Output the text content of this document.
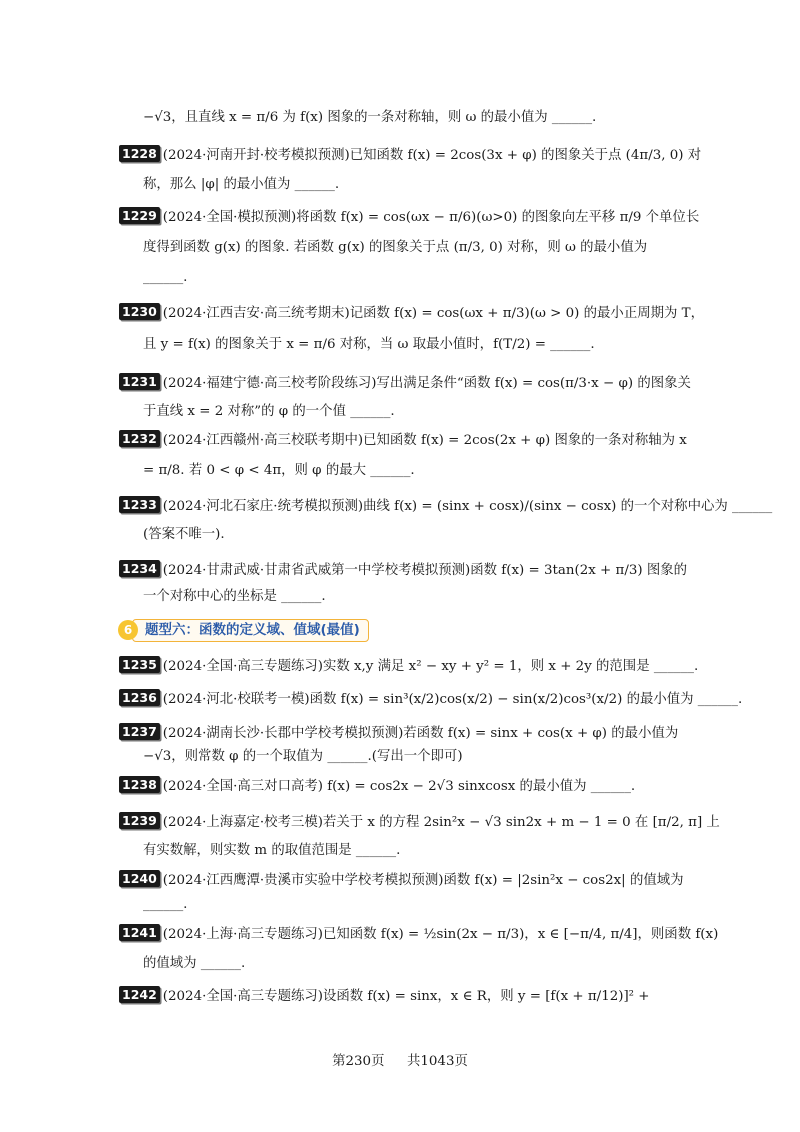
−√3，且直线 x = π/6 为 f(x) 图象的一条对称轴，则 ω 的最小值为 ______.
1228 (2024·河南开封·校考模拟预测)已知函数 f(x) = 2cos(3x + φ) 的图象关于点 (4π/3, 0) 对
称，那么 |φ| 的最小值为 ______.
1229 (2024·全国·模拟预测)将函数 f(x) = cos(ωx − π/6)(ω>0) 的图象向左平移 π/9 个单位长
度得到函数 g(x) 的图象. 若函数 g(x) 的图象关于点 (π/3, 0) 对称，则 ω 的最小值为
______.
1230 (2024·江西吉安·高三统考期末)记函数 f(x) = cos(ωx + π/3)(ω > 0) 的最小正周期为 T，
且 y = f(x) 的图象关于 x = π/6 对称，当 ω 取最小值时，f(T/2) = ______.
1231 (2024·福建宁德·高三校考阶段练习)写出满足条件“函数 f(x) = cos(π/3·x − φ) 的图象关
于直线 x = 2 对称”的 φ 的一个值 ______.
1232 (2024·江西赣州·高三校联考期中)已知函数 f(x) = 2cos(2x + φ) 图象的一条对称轴为 x
= π/8. 若 0 < φ < 4π，则 φ 的最大 ______.
1233 (2024·河北石家庄·统考模拟预测)曲线 f(x) = (sinx + cosx)/(sinx − cosx) 的一个对称中心为 ______
(答案不唯一).
1234 (2024·甘肃武威·甘肃省武威第一中学校考模拟预测)函数 f(x) = 3tan(2x + π/3) 图象的
一个对称中心的坐标是 ______.
6 题型六：函数的定义域、值域(最值)
1235 (2024·全国·高三专题练习)实数 x,y 满足 x² − xy + y² = 1，则 x + 2y 的范围是 ______.
1236 (2024·河北·校联考一模)函数 f(x) = sin³(x/2)cos(x/2) − sin(x/2)cos³(x/2) 的最小值为 ______.
1237 (2024·湖南长沙·长郡中学校考模拟预测)若函数 f(x) = sinx + cos(x + φ) 的最小值为
−√3，则常数 φ 的一个取值为 ______.(写出一个即可)
1238 (2024·全国·高三对口高考) f(x) = cos2x − 2√3 sinxcosx 的最小值为 ______.
1239 (2024·上海嘉定·校考三模)若关于 x 的方程 2sin²x − √3 sin2x + m − 1 = 0 在 [π/2, π] 上
有实数解，则实数 m 的取值范围是 ______.
1240 (2024·江西鹰潭·贵溪市实验中学校考模拟预测)函数 f(x) = |2sin²x − cos2x| 的值域为
______.
1241 (2024·上海·高三专题练习)已知函数 f(x) = ½sin(2x − π/3)，x ∈ [−π/4, π/4]，则函数 f(x)
的值域为 ______.
1242 (2024·全国·高三专题练习)设函数 f(x) = sinx，x ∈ R，则 y = [f(x + π/12)]² +
第230页 共1043页
